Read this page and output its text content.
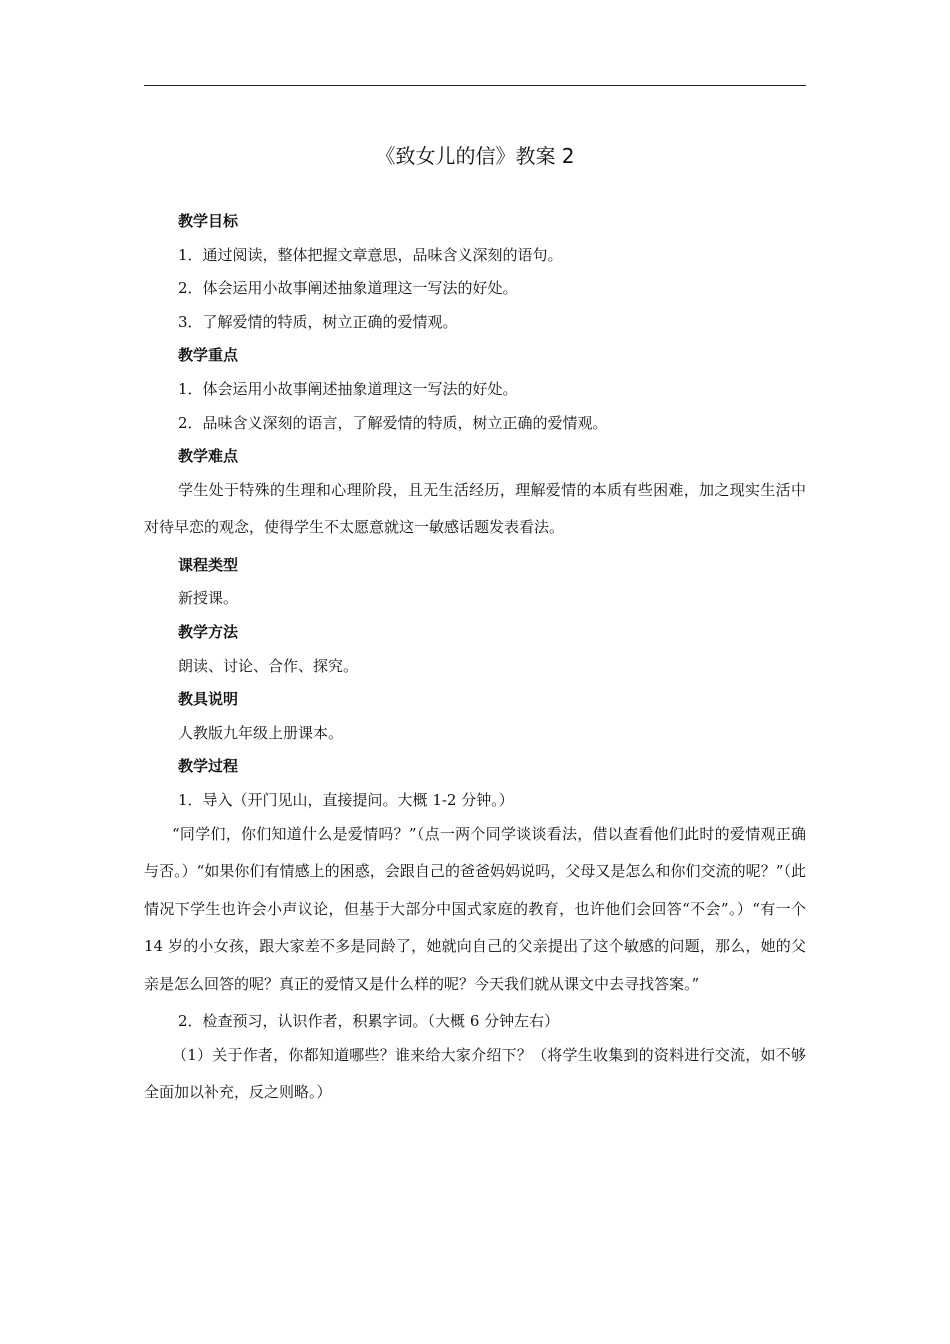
《致女儿的信》教案 2
教学目标
1．通过阅读，整体把握文章意思，品味含义深刻的语句。
2．体会运用小故事阐述抽象道理这一写法的好处。
3．了解爱情的特质，树立正确的爱情观。
教学重点
1．体会运用小故事阐述抽象道理这一写法的好处。
2．品味含义深刻的语言，了解爱情的特质，树立正确的爱情观。
教学难点
学生处于特殊的生理和心理阶段，且无生活经历，理解爱情的本质有些困难，加之现实生活中对待早恋的观念，使得学生不太愿意就这一敏感话题发表看法。
课程类型
新授课。
教学方法
朗读、讨论、合作、探究。
教具说明
人教版九年级上册课本。
教学过程
1．导入（开门见山，直接提问。大概 1-2 分钟。）
“同学们，你们知道什么是爱情吗？”（点一两个同学谈谈看法，借以查看他们此时的爱情观正确与否。）“如果你们有情感上的困惑，会跟自己的爸爸妈妈说吗，父母又是怎么和你们交流的呢？”（此情况下学生也许会小声议论，但基于大部分中国式家庭的教育，也许他们会回答“不会”。）“有一个 14 岁的小女孩，跟大家差不多是同龄了，她就向自己的父亲提出了这个敏感的问题，那么，她的父亲是怎么回答的呢？真正的爱情又是什么样的呢？今天我们就从课文中去寻找答案。”
2．检查预习，认识作者，积累字词。（大概 6 分钟左右）
（1）关于作者，你都知道哪些？谁来给大家介绍下？（将学生收集到的资料进行交流，如不够全面加以补充，反之则略。）
